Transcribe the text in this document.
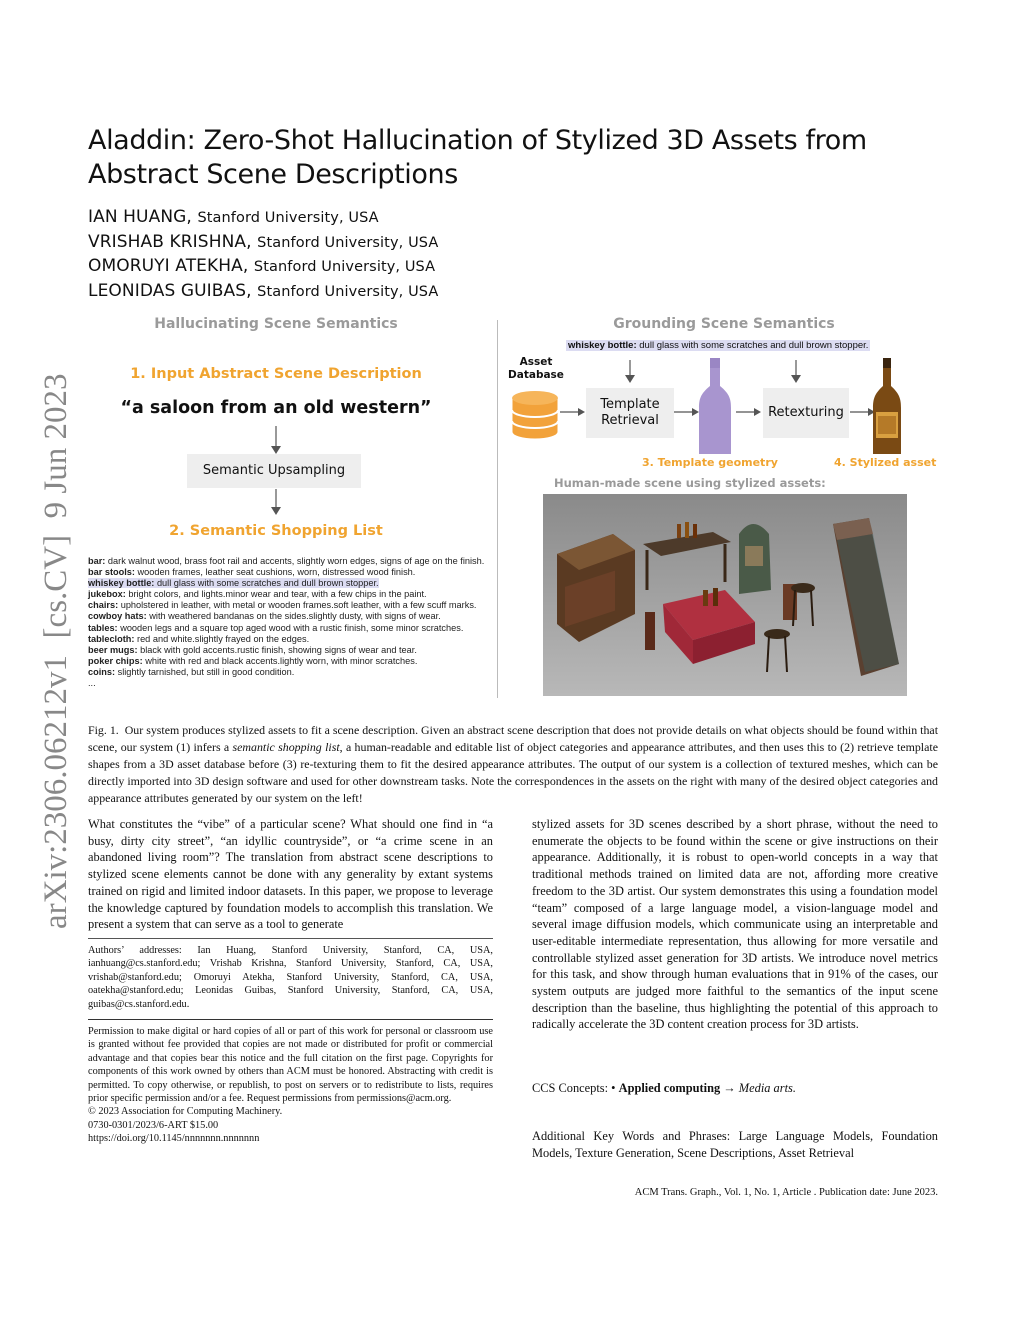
arXiv:2306.06212v1  [cs.CV]  9 Jun 2023
Aladdin: Zero-Shot Hallucination of Stylized 3D Assets from Abstract Scene Descriptions
IAN HUANG, Stanford University, USA
VRISHAB KRISHNA, Stanford University, USA
OMORUYI ATEKHA, Stanford University, USA
LEONIDAS GUIBAS, Stanford University, USA
Hallucinating Scene Semantics	Grounding Scene Semantics
1. Input Abstract Scene Description
“a saloon from an old western”
Semantic Upsampling
2. Semantic Shopping List
bar: dark walnut wood, brass foot rail and accents, slightly worn edges, signs of age on the finish.
bar stools: wooden frames, leather seat cushions, worn, distressed wood finish.
whiskey bottle: dull glass with some scratches and dull brown stopper.
jukebox: bright colors, and lights.minor wear and tear, with a few chips in the paint.
chairs: upholstered in leather, with metal or wooden frames.soft leather, with a few scuff marks.
cowboy hats: with weathered bandanas on the sides.slightly dusty, with signs of wear.
tables: wooden legs and a square top aged wood with a rustic finish, some minor scratches.
tablecloth: red and white.slightly frayed on the edges.
beer mugs: black with gold accents.rustic finish, showing signs of wear and tear.
poker chips: white with red and black accents.lightly worn, with minor scratches.
coins: slightly tarnished, but still in good condition.
...
whiskey bottle: dull glass with some scratches and dull brown stopper.
Asset Database
Template Retrieval
Retexturing
3. Template geometry	4. Stylized asset
Human-made scene using stylized assets:
Fig. 1. Our system produces stylized assets to fit a scene description. Given an abstract scene description that does not provide details on what objects should be found within that scene, our system (1) infers a semantic shopping list, a human-readable and editable list of object categories and appearance attributes, and then uses this to (2) retrieve template shapes from a 3D asset database before (3) re-texturing them to fit the desired appearance attributes. The output of our system is a collection of textured meshes, which can be directly imported into 3D design software and used for other downstream tasks. Note the correspondences in the assets on the right with many of the desired object categories and appearance attributes generated by our system on the left!

What constitutes the “vibe” of a particular scene? What should one find in “a busy, dirty city street”, “an idyllic countryside”, or “a crime scene in an abandoned living room”? The translation from abstract scene descriptions to stylized scene elements cannot be done with any generality by extant systems trained on rigid and limited indoor datasets. In this paper, we propose to leverage the knowledge captured by foundation models to accomplish this translation. We present a system that can serve as a tool to generate

stylized assets for 3D scenes described by a short phrase, without the need to enumerate the objects to be found within the scene or give instructions on their appearance. Additionally, it is robust to open-world concepts in a way that traditional methods trained on limited data are not, affording more creative freedom to the 3D artist. Our system demonstrates this using a foundation model “team” composed of a large language model, a vision-language model and several image diffusion models, which communicate using an interpretable and user-editable intermediate representation, thus allowing for more versatile and controllable stylized asset generation for 3D artists. We introduce novel metrics for this task, and show through human evaluations that in 91% of the cases, our system outputs are judged more faithful to the semantics of the input scene description than the baseline, thus highlighting the potential of this approach to radically accelerate the 3D content creation process for 3D artists.

Authors’ addresses: Ian Huang, Stanford University, Stanford, CA, USA, ianhuang@cs.stanford.edu; Vrishab Krishna, Stanford University, Stanford, CA, USA, vrishab@stanford.edu; Omoruyi Atekha, Stanford University, Stanford, CA, USA, oatekha@stanford.edu; Leonidas Guibas, Stanford University, Stanford, CA, USA, guibas@cs.stanford.edu.

Permission to make digital or hard copies of all or part of this work for personal or classroom use is granted without fee provided that copies are not made or distributed for profit or commercial advantage and that copies bear this notice and the full citation on the first page. Copyrights for components of this work owned by others than ACM must be honored. Abstracting with credit is permitted. To copy otherwise, or republish, to post on servers or to redistribute to lists, requires prior specific permission and/or a fee. Request permissions from permissions@acm.org.

© 2023 Association for Computing Machinery.

0730-0301/2023/6-ART $15.00

https://doi.org/10.1145/nnnnnnn.nnnnnnn

CCS Concepts: • Applied computing → Media arts.

Additional Key Words and Phrases: Large Language Models, Foundation Models, Texture Generation, Scene Descriptions, Asset Retrieval

ACM Trans. Graph., Vol. 1, No. 1, Article . Publication date: June 2023.
